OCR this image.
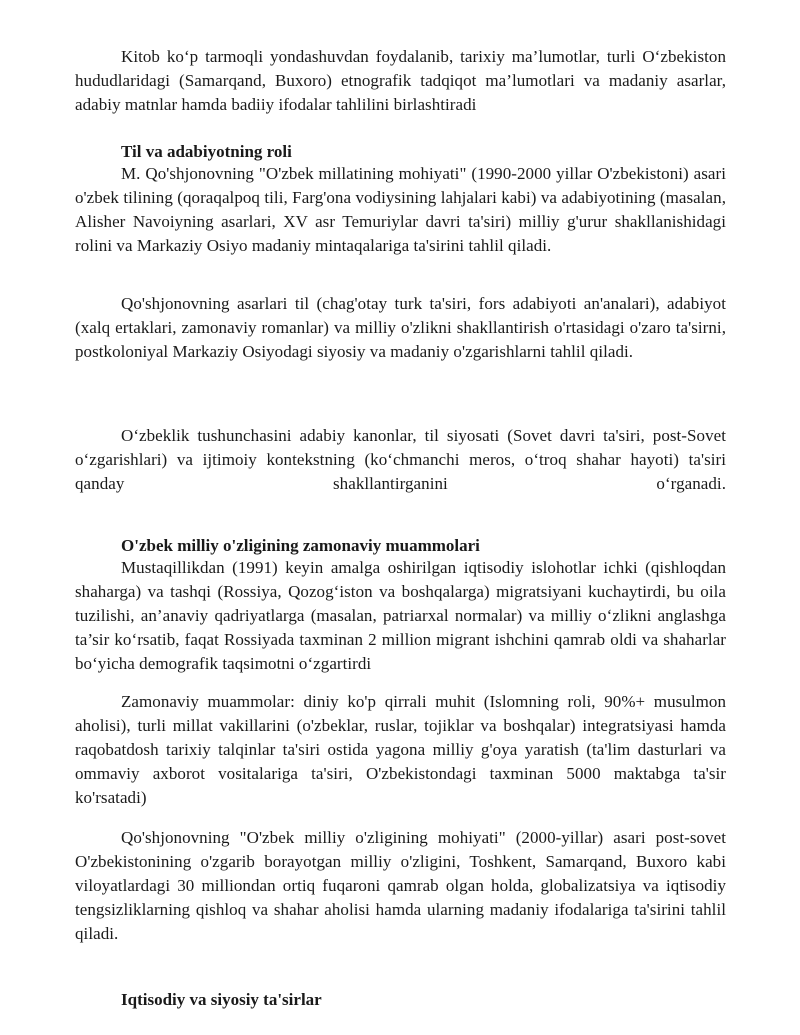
Kitob ko‘p tarmoqli yondashuvdan foydalanib, tarixiy ma’lumotlar, turli O‘zbekiston hududlaridagi (Samarqand, Buxoro) etnografik tadqiqot ma’lumotlari va madaniy asarlar, adabiy matnlar hamda badiiy ifodalar tahlilini birlashtiradi

Til va adabiyotning roli

M. Qo'shjonovning "O'zbek millatining mohiyati" (1990-2000 yillar O'zbekistoni) asari o'zbek tilining (qoraqalpoq tili, Farg'ona vodiysining lahjalari kabi) va adabiyotining (masalan, Alisher Navoiyning asarlari, XV asr Temuriylar davri ta'siri) milliy g'urur shakllanishidagi rolini va Markaziy Osiyo madaniy mintaqalariga ta'sirini tahlil qiladi.

Qo'shjonovning asarlari til (chag'otay turk ta'siri, fors adabiyoti an'analari), adabiyot (xalq ertaklari, zamonaviy romanlar) va milliy o'zlikni shakllantirish o'rtasidagi o'zaro ta'sirni, postkoloniyal Markaziy Osiyodagi siyosiy va madaniy o'zgarishlarni tahlil qiladi.

O‘zbeklik tushunchasini adabiy kanonlar, til siyosati (Sovet davri ta'siri, post-Sovet o‘zgarishlari) va ijtimoiy kontekstning (ko‘chmanchi meros, o‘troq shahar hayoti) ta'siri qanday shakllantirganini o‘rganadi.

O'zbek milliy o'zligining zamonaviy muammolari

Mustaqillikdan (1991) keyin amalga oshirilgan iqtisodiy islohotlar ichki (qishloqdan shaharga) va tashqi (Rossiya, Qozog‘iston va boshqalarga) migratsiyani kuchaytirdi, bu oila tuzilishi, an’anaviy qadriyatlarga (masalan, patriarxal normalar) va milliy o‘zlikni anglashga ta’sir ko‘rsatib, faqat Rossiyada taxminan 2 million migrant ishchini qamrab oldi va shaharlar bo‘yicha demografik taqsimotni o‘zgartirdi

Zamonaviy muammolar: diniy ko'p qirrali muhit (Islomning roli, 90%+ musulmon aholisi), turli millat vakillarini (o'zbeklar, ruslar, tojiklar va boshqalar) integratsiyasi hamda raqobatdosh tarixiy talqinlar ta'siri ostida yagona milliy g'oya yaratish (ta'lim dasturlari va ommaviy axborot vositalariga ta'siri, O'zbekistondagi taxminan 5000 maktabga ta'sir ko'rsatadi)

Qo'shjonovning "O'zbek milliy o'zligining mohiyati" (2000-yillar) asari post-sovet O'zbekistonining o'zgarib borayotgan milliy o'zligini, Toshkent, Samarqand, Buxoro kabi viloyatlardagi 30 milliondan ortiq fuqaroni qamrab olgan holda, globalizatsiya va iqtisodiy tengsizliklarning qishloq va shahar aholisi hamda ularning madaniy ifodalariga ta'sirini tahlil qiladi.

Iqtisodiy va siyosiy ta'sirlar
